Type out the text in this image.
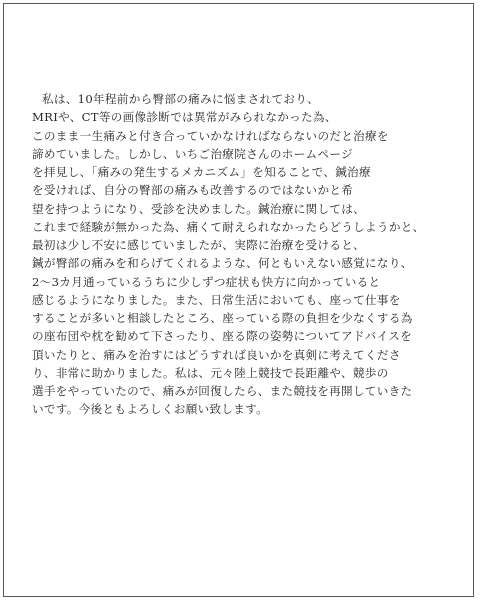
私は、10年程前から臀部の痛みに悩まされており、
MRIや、CT等の画像診断では異常がみられなかった為、
このまま一生痛みと付き合っていかなければならないのだと治療を
諦めていました。しかし、いちご治療院さんのホームページ
を拝見し、「痛みの発生するメカニズム」を知ることで、鍼治療
を受ければ、自分の臀部の痛みも改善するのではないかと希
望を持つようになり、受診を決めました。鍼治療に関しては、
これまで経験が無かった為、痛くて耐えられなかったらどうしようかと、
最初は少し不安に感じていましたが、実際に治療を受けると、
鍼が臀部の痛みを和らげてくれるような、何ともいえない感覚になり、
2〜3カ月通っているうちに少しずつ症状も快方に向かっていると
感じるようになりました。また、日常生活においても、座って仕事を
することが多いと相談したところ、座っている際の負担を少なくする為
の座布団や枕を勧めて下さったり、座る際の姿勢についてアドバイスを
頂いたりと、痛みを治すにはどうすれば良いかを真剣に考えてくださ
り、非常に助かりました。私は、元々陸上競技で長距離や、競歩の
選手をやっていたので、痛みが回復したら、また競技を再開していきた
いです。今後ともよろしくお願い致します。
